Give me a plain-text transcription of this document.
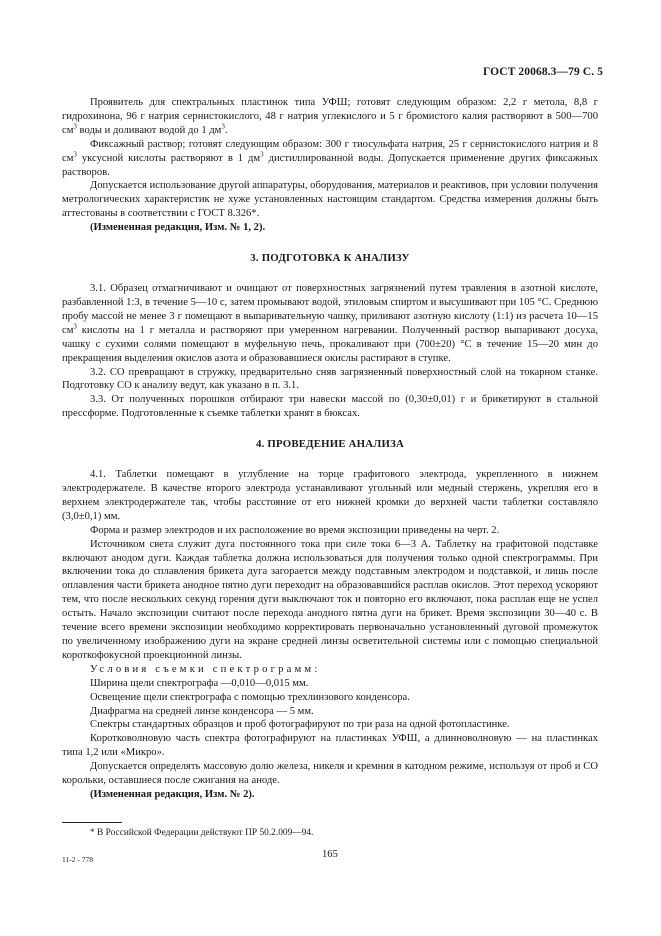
ГОСТ 20068.3—79 С. 5

Проявитель для спектральных пластинок типа УФШ; готовят следующим образом: 2,2 г метола, 8,8 г гидрохинона, 96 г натрия сернистокислого, 48 г натрия углекислого и 5 г бромистого калия растворяют в 500—700 $см^3$ воды и доливают водой до 1 $дм^3$.

Фиксажный раствор; готовят следующим образом: 300 г тиосульфата натрия, 25 г сернистокислого натрия и 8 $см^3$ уксусной кислоты растворяют в 1 $дм^3$ дистиллированной воды. Допускается применение других фиксажных растворов.

Допускается использование другой аппаратуры, оборудования, материалов и реактивов, при условии получения метрологических характеристик не хуже установленных настоящим стандартом. Средства измерения должны быть аттестованы в соответствии с ГОСТ 8.326*.

(Измененная редакция, Изм. № 1, 2).

3. ПОДГОТОВКА К АНАЛИЗУ

3.1. Образец отмагничивают и очищают от поверхностных загрязнений путем травления в азотной кислоте, разбавленной 1:3, в течение 5—10 с, затем промывают водой, этиловым спиртом и высушивают при 105 °С. Среднюю пробу массой не менее 3 г помещают в выпаривательную чашку, приливают азотную кислоту (1:1) из расчета 10—15 $см^3$ кислоты на 1 г металла и растворяют при умеренном нагревании. Полученный раствор выпаривают досуха, чашку с сухими солями помещают в муфельную печь, прокаливают при (700±20) °С в течение 15—20 мин до прекращения выделения окислов азота и образовавшиеся окислы растирают в ступке.

3.2. СО превращают в стружку, предварительно сняв загрязненный поверхностный слой на токарном станке. Подготовку СО к анализу ведут, как указано в п. 3.1.

3.3. От полученных порошков отбирают три навески массой по (0,30±0,01) г и брикетируют в стальной прессформе. Подготовленные к съемке таблетки хранят в бюксах.

4. ПРОВЕДЕНИЕ АНАЛИЗА

4.1. Таблетки помещают в углубление на торце графитового электрода, укрепленного в нижнем электродержателе. В качестве второго электрода устанавливают угольный или медный стержень, укрепляя его в верхнем электродержателе так, чтобы расстояние от его нижней кромки до верхней части таблетки составляло (3,0±0,1) мм.

Форма и размер электродов и их расположение во время экспозиции приведены на черт. 2.

Источником света служит дуга постоянного тока при силе тока 6—3 А. Таблетку на графитовой подставке включают анодом дуги. Каждая таблетка должна использоваться для получения только одной спектрограммы. При включении тока до сплавления брикета дуга загорается между подставным электродом и подставкой, и лишь после оплавления части брикета анодное пятно дуги переходит на образовавшийся расплав окислов. Этот переход ускоряют тем, что после нескольких секунд горения дуги выключают ток и повторно его включают, пока расплав еще не успел остыть. Начало экспозиции считают после перехода анодного пятна дуги на брикет. Время экспозиции 30—40 с. В течение всего времени экспозиции необходимо корректировать первоначально установленный дуговой промежуток по увеличенному изображению дуги на экране средней линзы осветительной системы или с помощью специальной короткофокусной проекционной линзы.

Условия съемки спектрограмм:

Ширина щели спектрографа —0,010—0,015 мм.

Освещение щели спектрографа с помощью трехлинзового конденсора.

Диафрагма на средней линзе конденсора — 5 мм.

Спектры стандартных образцов и проб фотографируют по три раза на одной фотопластинке.

Коротковолновую часть спектра фотографируют на пластинках УФШ, а длинноволновую — на пластинках типа 1,2 или «Микро».

Допускается определять массовую долю железа, никеля и кремния в катодном режиме, используя от проб и СО корольки, оставшиеся после сжигания на аноде.

(Измененная редакция, Изм. № 2).

* В Российской Федерации действуют ПР 50.2.009—94.
11-2 - 778	165
